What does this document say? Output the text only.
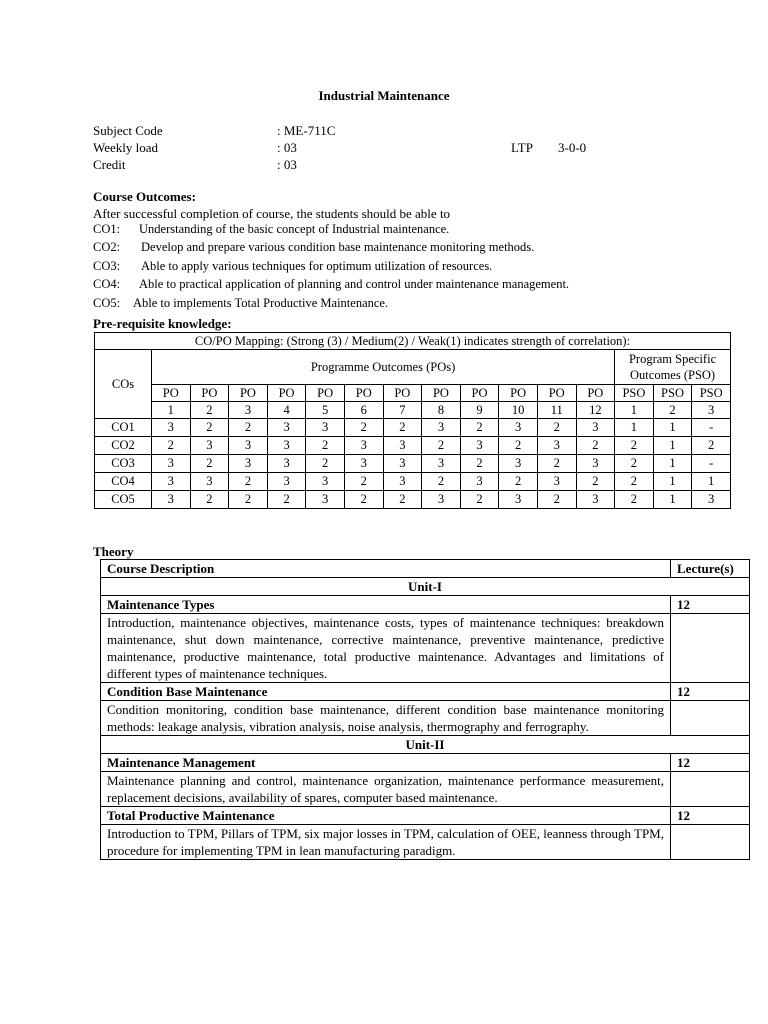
Industrial Maintenance
Subject Code	: ME-711C
Weekly load	: 03	LTP 3-0-0
Credit	: 03
Course Outcomes:
After successful completion of course, the students should be able to
CO1: Understanding of the basic concept of Industrial maintenance.
CO2: Develop and prepare various condition base maintenance monitoring methods.
CO3: Able to apply various techniques for optimum utilization of resources.
CO4: Able to practical application of planning and control under maintenance management.
CO5: Able to implements Total Productive Maintenance.
Pre-requisite knowledge:
CO/PO Mapping: (Strong (3) / Medium(2) / Weak(1) indicates strength of correlation):															
COs	Programme Outcomes (POs)												Program Specific Outcomes (PSO)		
	PO	PO	PO	PO	PO	PO	PO	PO	PO	PO	PO	PO	PSO	PSO	PSO
	1	2	3	4	5	6	7	8	9	10	11	12	1	2	3
CO1	3	2	2	3	3	2	2	3	2	3	2	3	1	1	-
CO2	2	3	3	3	2	3	3	2	3	2	3	2	2	1	2
CO3	3	2	3	3	2	3	3	3	2	3	2	3	2	1	-
CO4	3	3	2	3	3	2	3	2	3	2	3	2	2	1	1
CO5	3	2	2	2	3	2	2	3	2	3	2	3	2	1	3
Theory
Course Description	Lecture(s)
Unit-I	
Maintenance Types	12
Introduction, maintenance objectives, maintenance costs, types of maintenance techniques: breakdown maintenance, shut down maintenance, corrective maintenance, preventive maintenance, predictive maintenance, productive maintenance, total productive maintenance. Advantages and limitations of different types of maintenance techniques.	
Condition Base Maintenance	12
Condition monitoring, condition base maintenance, different condition base maintenance monitoring methods: leakage analysis, vibration analysis, noise analysis, thermography and ferrography.	
Unit-II	
Maintenance Management	12
Maintenance planning and control, maintenance organization, maintenance performance measurement, replacement decisions, availability of spares, computer based maintenance.	
Total Productive Maintenance	12
Introduction to TPM, Pillars of TPM, six major losses in TPM, calculation of OEE, leanness through TPM, procedure for implementing TPM in lean manufacturing paradigm.	
